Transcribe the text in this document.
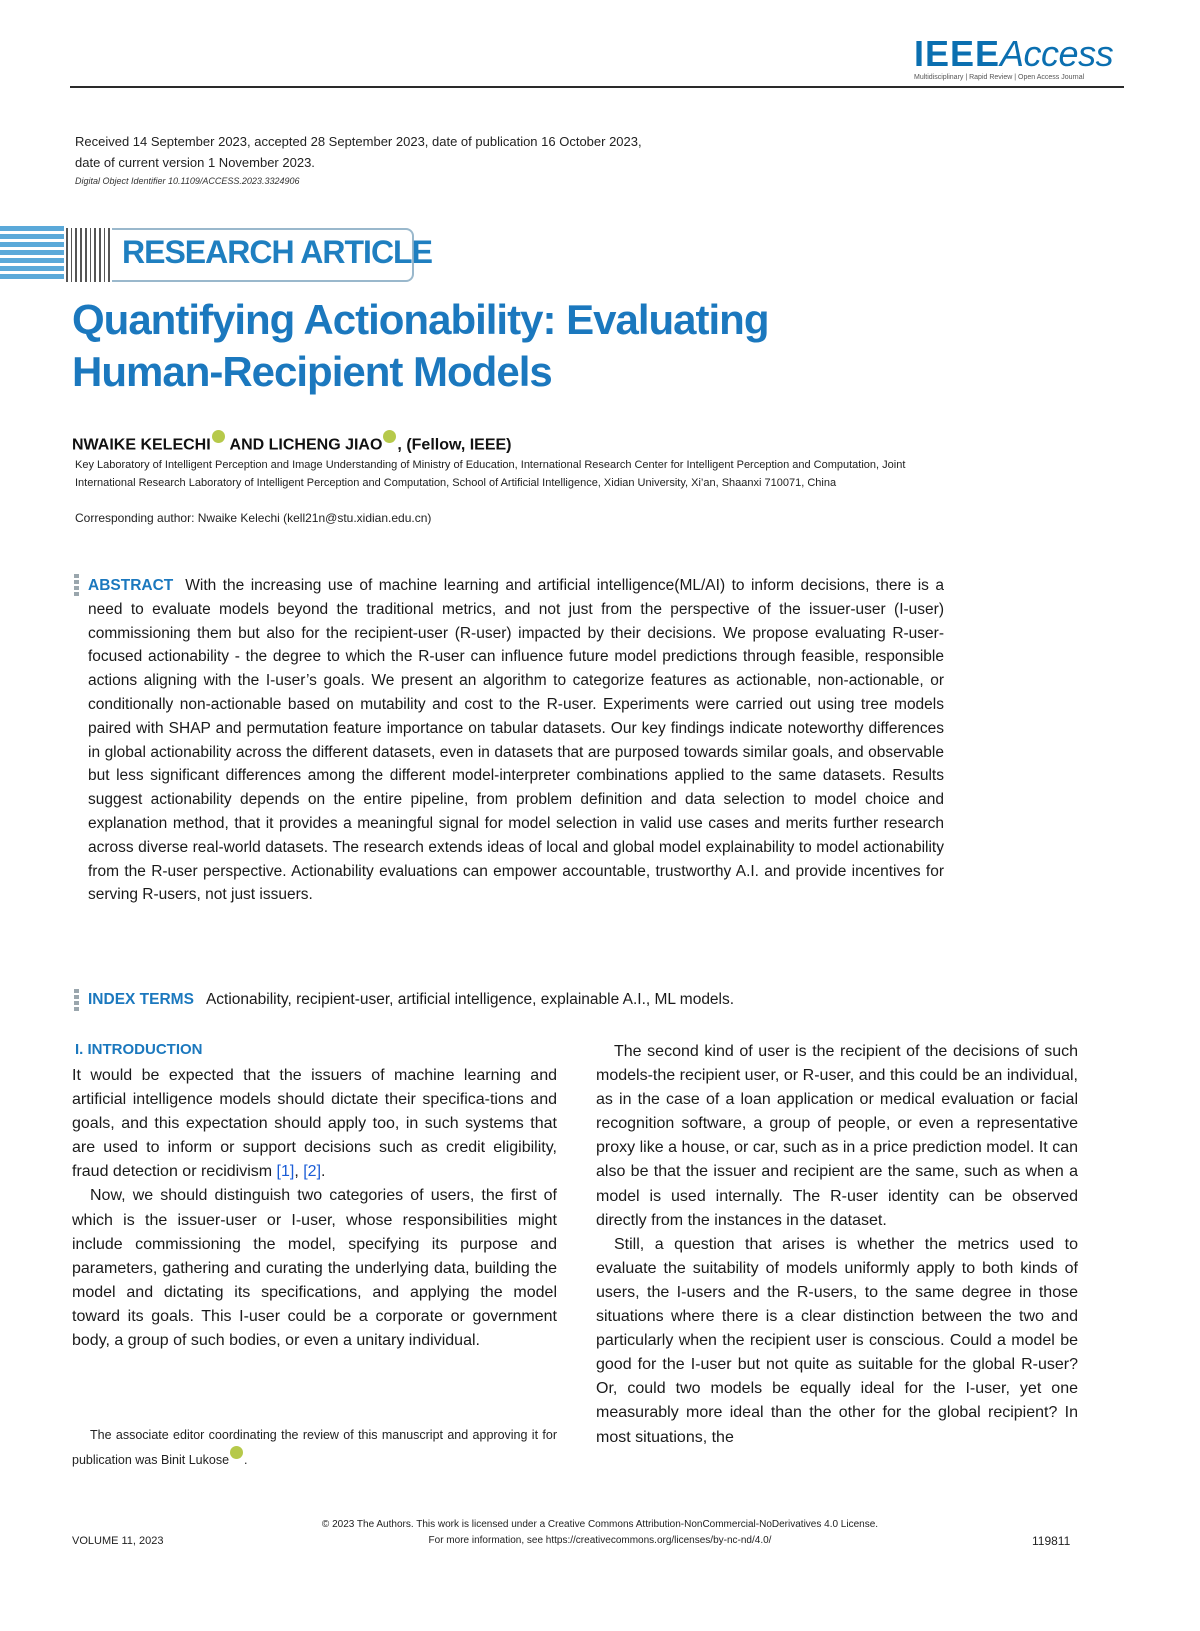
IEEEAccess
Multidisciplinary | Rapid Review | Open Access Journal
Received 14 September 2023, accepted 28 September 2023, date of publication 16 October 2023,
date of current version 1 November 2023.
Digital Object Identifier 10.1109/ACCESS.2023.3324906
RESEARCH ARTICLE
Quantifying Actionability: Evaluating
Human-Recipient Models
NWAIKE KELECHI AND LICHENG JIAO , (Fellow, IEEE)
Key Laboratory of Intelligent Perception and Image Understanding of Ministry of Education, International Research Center for Intelligent Perception and Computation, Joint International Research Laboratory of Intelligent Perception and Computation, School of Artificial Intelligence, Xidian University, Xi’an, Shaanxi 710071, China
Corresponding author: Nwaike Kelechi (kell21n@stu.xidian.edu.cn)
ABSTRACT With the increasing use of machine learning and artificial intelligence(ML/AI) to inform decisions, there is a need to evaluate models beyond the traditional metrics, and not just from the perspective of the issuer-user (I-user) commissioning them but also for the recipient-user (R-user) impacted by their decisions. We propose evaluating R-user-focused actionability - the degree to which the R-user can influence future model predictions through feasible, responsible actions aligning with the I-user’s goals. We present an algorithm to categorize features as actionable, non-actionable, or conditionally non-actionable based on mutability and cost to the R-user. Experiments were carried out using tree models paired with SHAP and permutation feature importance on tabular datasets. Our key findings indicate noteworthy differences in global actionability across the different datasets, even in datasets that are purposed towards similar goals, and observable but less significant differences among the different model-interpreter combinations applied to the same datasets. Results suggest actionability depends on the entire pipeline, from problem definition and data selection to model choice and explanation method, that it provides a meaningful signal for model selection in valid use cases and merits further research across diverse real-world datasets. The research extends ideas of local and global model explainability to model actionability from the R-user perspective. Actionability evaluations can empower accountable, trustworthy A.I. and provide incentives for serving R-users, not just issuers.
INDEX TERMS Actionability, recipient-user, artificial intelligence, explainable A.I., ML models.
I. INTRODUCTION

It would be expected that the issuers of machine learning and artificial intelligence models should dictate their specifica-tions and goals, and this expectation should apply too, in such systems that are used to inform or support decisions such as credit eligibility, fraud detection or recidivism [1], [2].

Now, we should distinguish two categories of users, the first of which is the issuer-user or I-user, whose responsibilities might include commissioning the model, specifying its purpose and parameters, gathering and curating the underlying data, building the model and dictating its specifications, and applying the model toward its goals. This I-user could be a corporate or government body, a group of such bodies, or even a unitary individual.

The second kind of user is the recipient of the decisions of such models-the recipient user, or R-user, and this could be an individual, as in the case of a loan application or medical evaluation or facial recognition software, a group of people, or even a representative proxy like a house, or car, such as in a price prediction model. It can also be that the issuer and recipient are the same, such as when a model is used internally. The R-user identity can be observed directly from the instances in the dataset.

Still, a question that arises is whether the metrics used to evaluate the suitability of models uniformly apply to both kinds of users, the I-users and the R-users, to the same degree in those situations where there is a clear distinction between the two and particularly when the recipient user is conscious. Could a model be good for the I-user but not quite as suitable for the global R-user? Or, could two models be equally ideal for the I-user, yet one measurably more ideal than the other for the global recipient? In most situations, the

The associate editor coordinating the review of this manuscript and approving it for publication was Binit Lukose .
© 2023 The Authors. This work is licensed under a Creative Commons Attribution-NonCommercial-NoDerivatives 4.0 License.
For more information, see https://creativecommons.org/licenses/by-nc-nd/4.0/
VOLUME 11, 2023	119811
